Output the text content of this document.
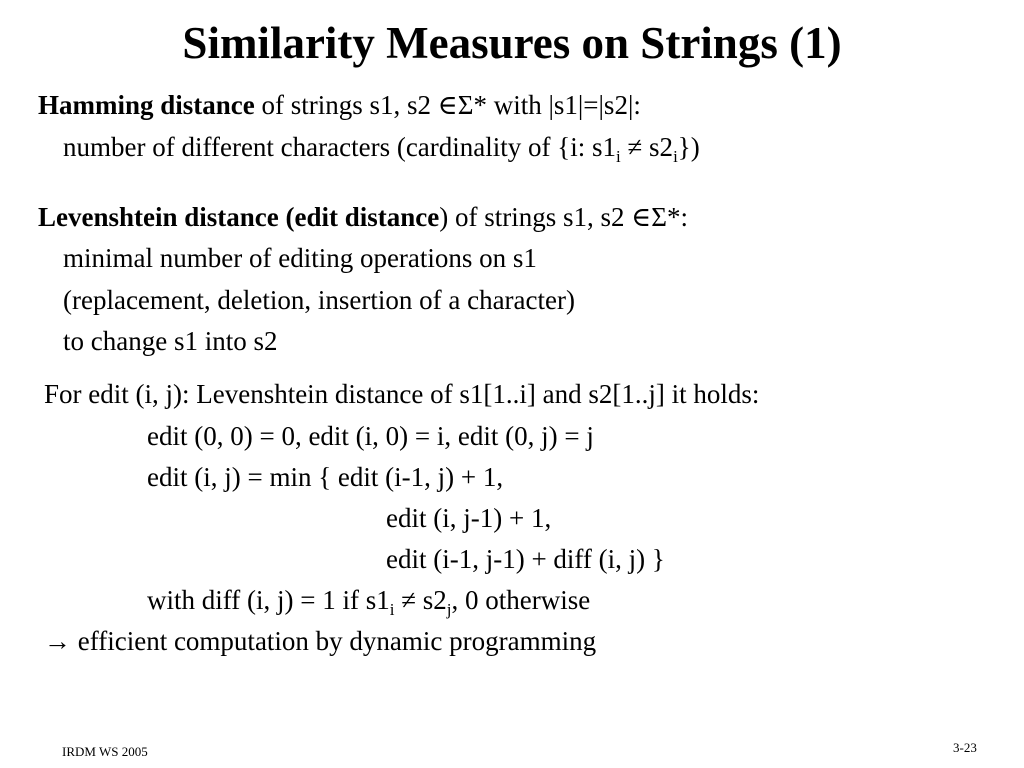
Similarity Measures on Strings (1)
Hamming distance of strings s1, s2 ∈Σ* with |s1|=|s2|:
number of different characters (cardinality of {i: $s1_i \ne s2_i$})
Levenshtein distance (edit distance) of strings s1, s2 ∈Σ*:
minimal number of editing operations on s1
(replacement, deletion, insertion of a character)
to change s1 into s2
For edit (i, j): Levenshtein distance of s1[1..i] and s2[1..j] it holds:
edit (0, 0) = 0, edit (i, 0) = i, edit (0, j) = j
edit (i, j) = min { edit (i-1, j) + 1,
edit (i, j-1) + 1,
edit (i-1, j-1) + diff (i, j) }
with diff (i, j) = 1 if $s1_i \ne s2_j$, 0 otherwise
→ efficient computation by dynamic programming
IRDM WS 2005	3-23
